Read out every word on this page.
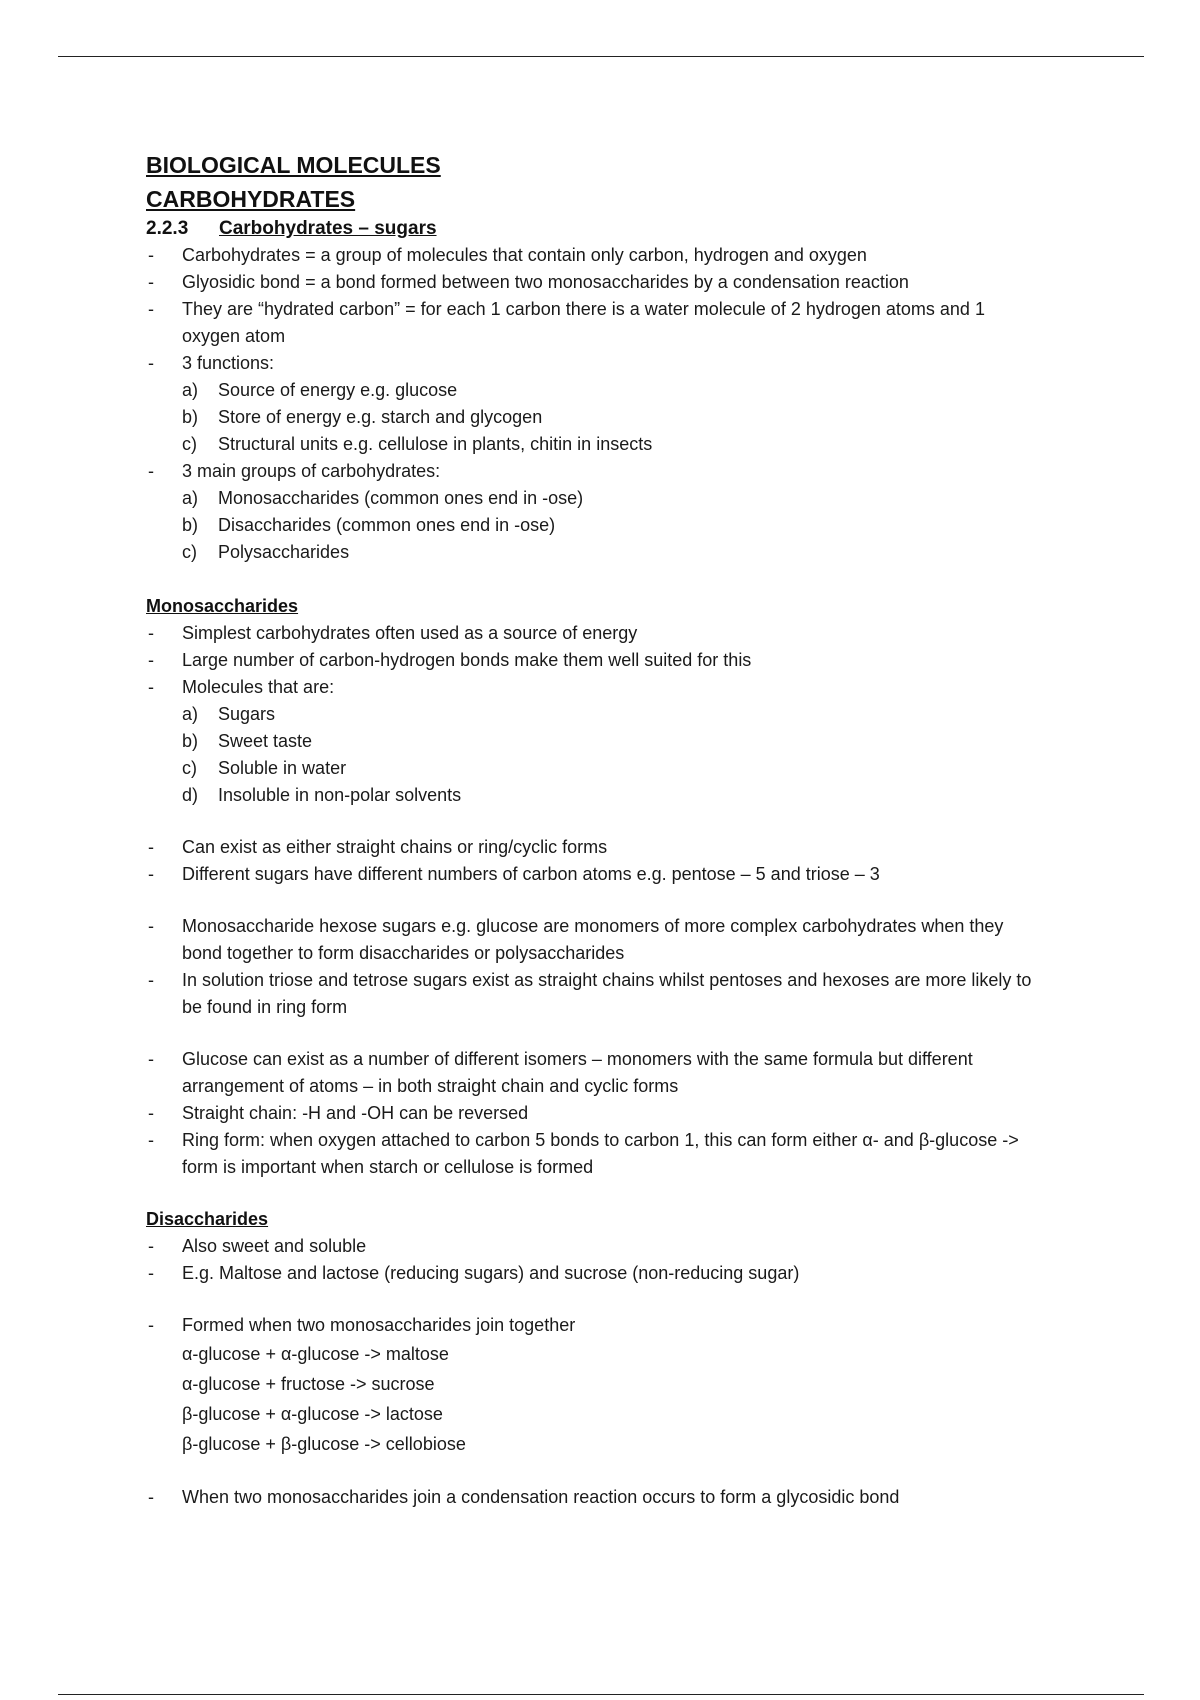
BIOLOGICAL MOLECULES
CARBOHYDRATES
2.2.3 Carbohydrates – sugars
- Carbohydrates = a group of molecules that contain only carbon, hydrogen and oxygen
- Glyosidic bond = a bond formed between two monosaccharides by a condensation reaction
- They are “hydrated carbon” = for each 1 carbon there is a water molecule of 2 hydrogen atoms and 1 oxygen atom
- 3 functions:
a) Source of energy e.g. glucose
b) Store of energy e.g. starch and glycogen
c) Structural units e.g. cellulose in plants, chitin in insects
- 3 main groups of carbohydrates:
a) Monosaccharides (common ones end in -ose)
b) Disaccharides (common ones end in -ose)
c) Polysaccharides
Monosaccharides
- Simplest carbohydrates often used as a source of energy
- Large number of carbon-hydrogen bonds make them well suited for this
- Molecules that are:
a) Sugars
b) Sweet taste
c) Soluble in water
d) Insoluble in non-polar solvents
- Can exist as either straight chains or ring/cyclic forms
- Different sugars have different numbers of carbon atoms e.g. pentose – 5 and triose – 3
- Monosaccharide hexose sugars e.g. glucose are monomers of more complex carbohydrates when they bond together to form disaccharides or polysaccharides
- In solution triose and tetrose sugars exist as straight chains whilst pentoses and hexoses are more likely to be found in ring form
- Glucose can exist as a number of different isomers – monomers with the same formula but different arrangement of atoms – in both straight chain and cyclic forms
- Straight chain: -H and -OH can be reversed
- Ring form: when oxygen attached to carbon 5 bonds to carbon 1, this can form either α- and β-glucose -> form is important when starch or cellulose is formed
Disaccharides
- Also sweet and soluble
- E.g. Maltose and lactose (reducing sugars) and sucrose (non-reducing sugar)
- Formed when two monosaccharides join together
α-glucose + α-glucose -> maltose
α-glucose + fructose -> sucrose
β-glucose + α-glucose -> lactose
β-glucose + β-glucose -> cellobiose
- When two monosaccharides join a condensation reaction occurs to form a glycosidic bond
